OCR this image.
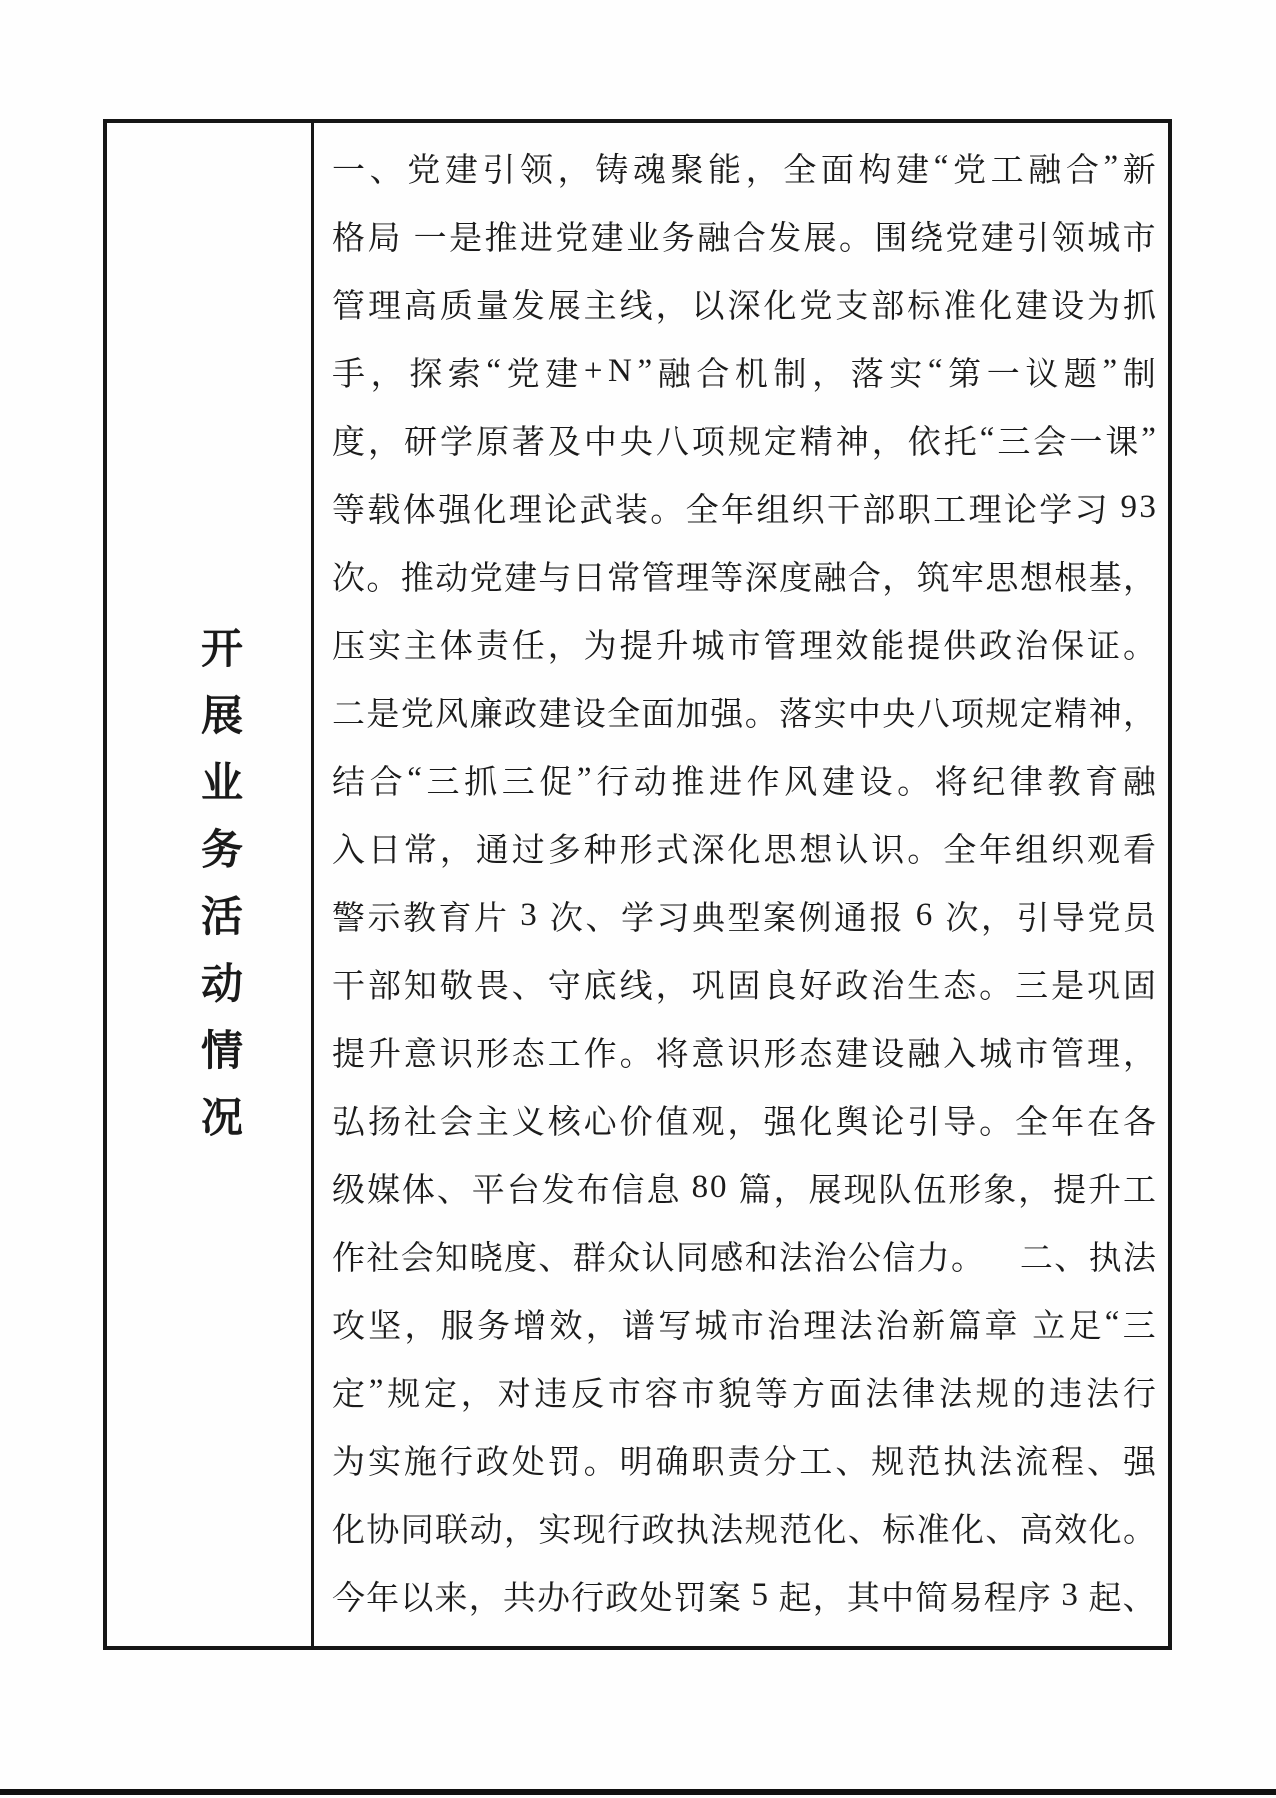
开
展
业
务
活
动
情
况
一 、 党 建 引 领 ， 铸 魂 聚 能 ， 全 面 构 建 “ 党 工 融 合 ” 新
格 局
一 是 推 进 党 建 业 务 融 合 发 展 。 围 绕 党 建 引 领 城 市
管 理 高 质 量 发 展 主 线 ， 以 深 化 党 支 部 标 准 化 建 设 为 抓
手 ， 探 索 “ 党 建 + N ” 融 合 机 制 ， 落 实 “ 第 一 议 题 ” 制
度 ， 研 学 原 著 及 中 央 八 项 规 定 精 神 ， 依 托 “ 三 会 一 课 ”
等 载 体 强 化 理 论 武 装 。 全 年 组 织 干 部 职 工 理 论 学 习
9 3
次 。 推 动 党 建 与 日 常 管 理 等 深 度 融 合 ， 筑 牢 思 想 根 基 ，
压 实 主 体 责 任 ， 为 提 升 城 市 管 理 效 能 提 供 政 治 保 证 。
二 是 党 风 廉 政 建 设 全 面 加 强 。 落 实 中 央 八 项 规 定 精 神 ，
结 合 “ 三 抓 三 促 ” 行 动 推 进 作 风 建 设 。 将 纪 律 教 育 融
入 日 常 ， 通 过 多 种 形 式 深 化 思 想 认 识 。 全 年 组 织 观 看
警 示 教 育 片
3
次 、 学 习 典 型 案 例 通 报
6
次 ， 引 导 党 员
干 部 知 敬 畏 、 守 底 线 ， 巩 固 良 好 政 治 生 态 。 三 是 巩 固
提 升 意 识 形 态 工 作 。 将 意 识 形 态 建 设 融 入 城 市 管 理 ，
弘 扬 社 会 主 义 核 心 价 值 观 ， 强 化 舆 论 引 导 。 全 年 在 各
级 媒 体 、 平 台 发 布 信 息
8 0
篇 ， 展 现 队 伍 形 象 ， 提 升 工
作 社 会 知 晓 度 、 群 众 认 同 感 和 法 治 公 信 力 。
　 二 、 执 法
攻 坚 ， 服 务 增 效 ， 谱 写 城 市 治 理 法 治 新 篇 章
立 足 “ 三
定 ” 规 定 ， 对 违 反 市 容 市 貌 等 方 面 法 律 法 规 的 违 法 行
为 实 施 行 政 处 罚 。 明 确 职 责 分 工 、 规 范 执 法 流 程 、 强
化 协 同 联 动 ， 实 现 行 政 执 法 规 范 化 、 标 准 化 、 高 效 化 。
今 年 以 来 ， 共 办 行 政 处 罚 案
5
起 ， 其 中 简 易 程 序
3
起 、
